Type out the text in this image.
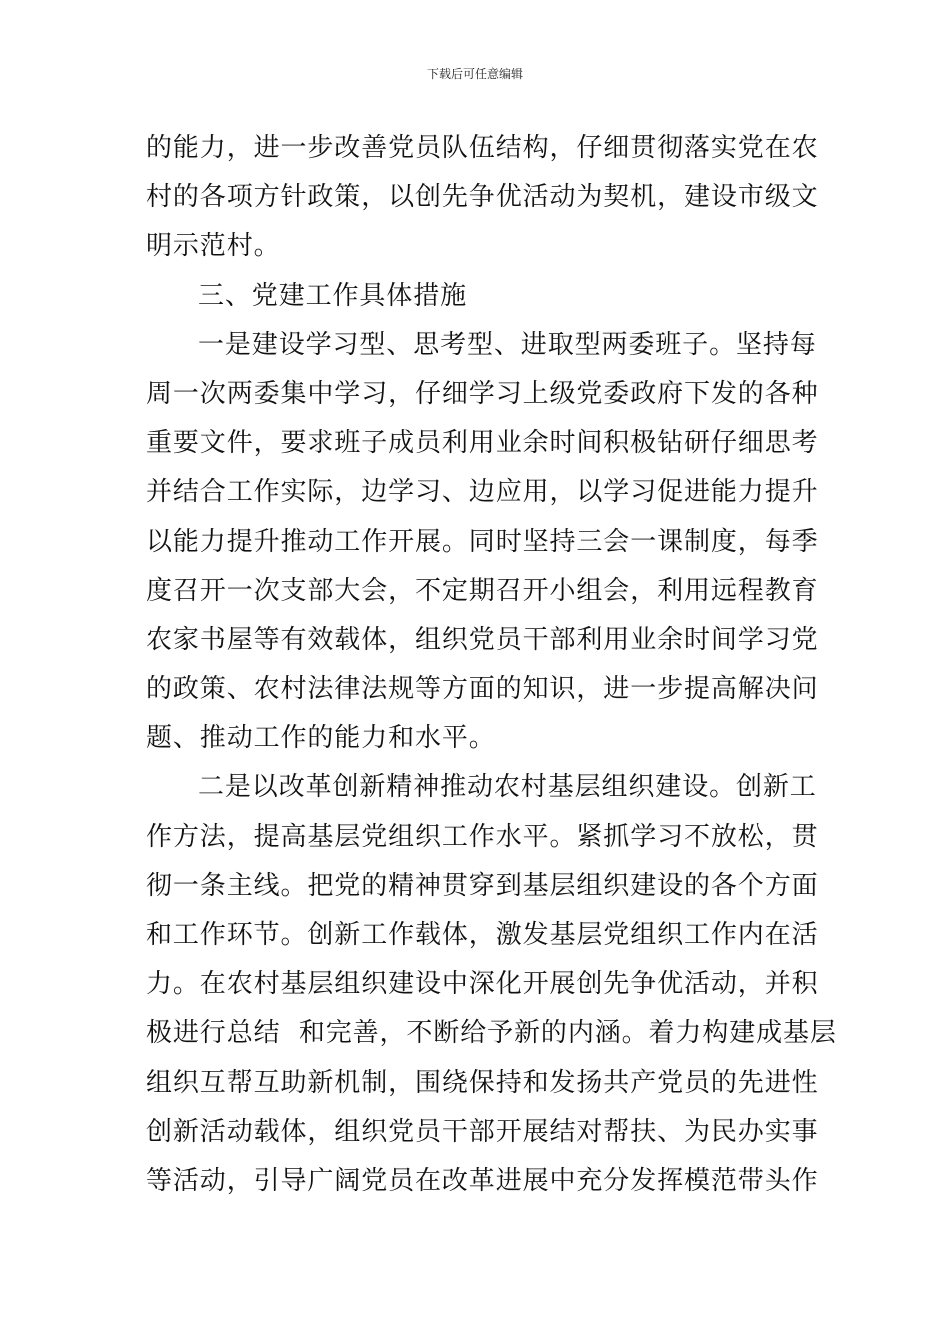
下载后可任意编辑
的能力，进一步改善党员队伍结构，仔细贯彻落实党在农
村的各项方针政策，以创先争优活动为契机，建设市级文
明示范村。
三、党建工作具体措施
一是建设学习型、思考型、进取型两委班子。坚持每
周一次两委集中学习，仔细学习上级党委政府下发的各种
重要文件，要求班子成员利用业余时间积极钻研仔细思考
并结合工作实际，边学习、边应用，以学习促进能力提升
以能力提升推动工作开展。同时坚持三会一课制度，每季
度召开一次支部大会，不定期召开小组会，利用远程教育
农家书屋等有效载体，组织党员干部利用业余时间学习党
的政策、农村法律法规等方面的知识，进一步提高解决问
题、推动工作的能力和水平。
二是以改革创新精神推动农村基层组织建设。创新工
作方法，提高基层党组织工作水平。紧抓学习不放松，贯
彻一条主线。把党的精神贯穿到基层组织建设的各个方面
和工作环节。创新工作载体，激发基层党组织工作内在活
力。在农村基层组织建设中深化开展创先争优活动，并积
极进行总结  和完善，不断给予新的内涵。着力构建成基层
组织互帮互助新机制，围绕保持和发扬共产党员的先进性
创新活动载体，组织党员干部开展结对帮扶、为民办实事
等活动，引导广阔党员在改革进展中充分发挥模范带头作
